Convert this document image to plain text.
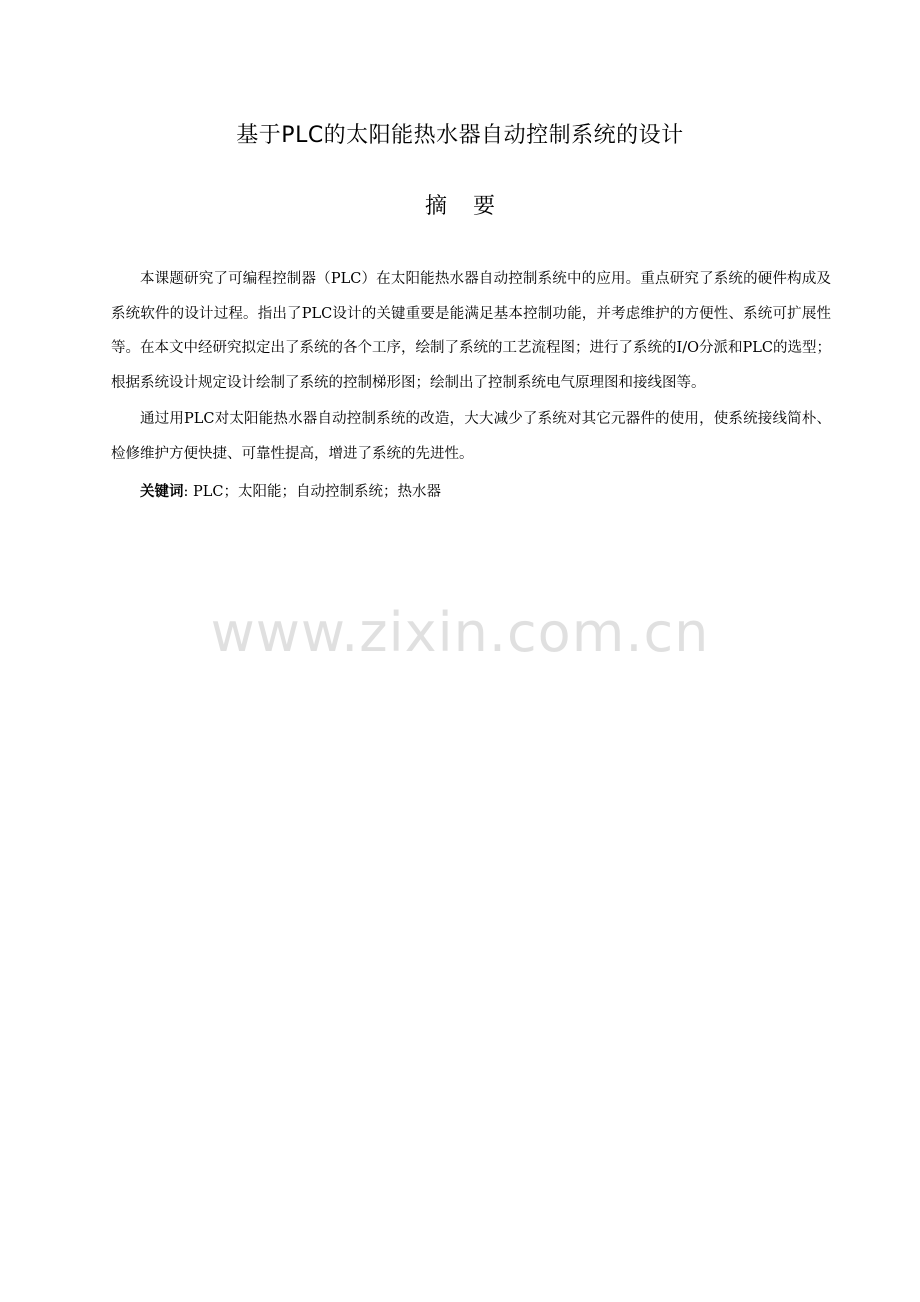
基于PLC的太阳能热水器自动控制系统的设计
摘要

本课题研究了可编程控制器（PLC）在太阳能热水器自动控制系统中的应用。重点研究了系统的硬件构成及系统软件的设计过程。指出了PLC设计的关键重要是能满足基本控制功能，并考虑维护的方便性、系统可扩展性等。在本文中经研究拟定出了系统的各个工序，绘制了系统的工艺流程图；进行了系统的I/O分派和PLC的选型；根据系统设计规定设计绘制了系统的控制梯形图；绘制出了控制系统电气原理图和接线图等。

通过用PLC对太阳能热水器自动控制系统的改造，大大减少了系统对其它元器件的使用，使系统接线简朴、检修维护方便快捷、可靠性提高，增进了系统的先进性。

关键词: PLC；太阳能；自动控制系统；热水器

www.zixin.com.cn
